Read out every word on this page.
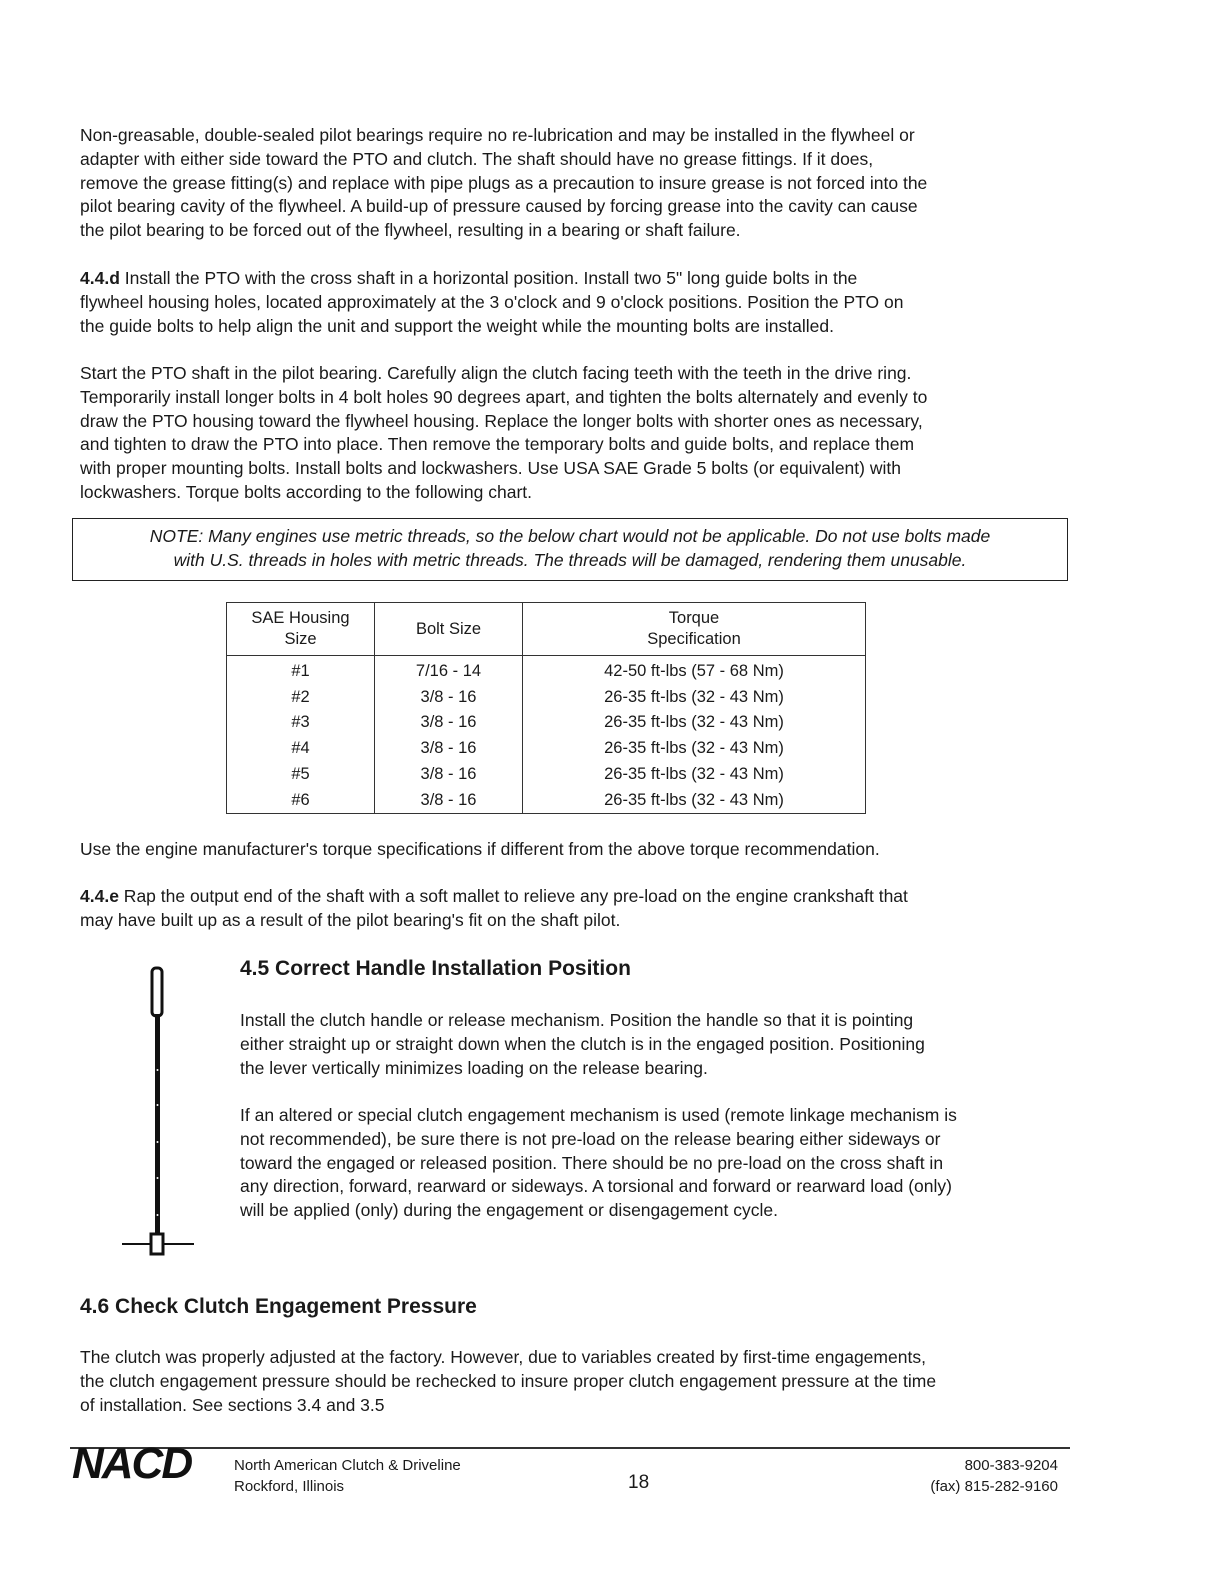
Non-greasable, double-sealed pilot bearings require no re-lubrication and may be installed in the flywheel or
adapter with either side toward the PTO and clutch. The shaft should have no grease fittings. If it does,
remove the grease fitting(s) and replace with pipe plugs as a precaution to insure grease is not forced into the
pilot bearing cavity of the flywheel. A build-up of pressure caused by forcing grease into the cavity can cause
the pilot bearing to be forced out of the flywheel, resulting in a bearing or shaft failure.
4.4.d Install the PTO with the cross shaft in a horizontal position. Install two 5" long guide bolts in the
flywheel housing holes, located approximately at the 3 o'clock and 9 o'clock positions. Position the PTO on
the guide bolts to help align the unit and support the weight while the mounting bolts are installed.
Start the PTO shaft in the pilot bearing. Carefully align the clutch facing teeth with the teeth in the drive ring.
Temporarily install longer bolts in 4 bolt holes 90 degrees apart, and tighten the bolts alternately and evenly to
draw the PTO housing toward the flywheel housing. Replace the longer bolts with shorter ones as necessary,
and tighten to draw the PTO into place. Then remove the temporary bolts and guide bolts, and replace them
with proper mounting bolts. Install bolts and lockwashers. Use USA SAE Grade 5 bolts (or equivalent) with
lockwashers. Torque bolts according to the following chart.
NOTE: Many engines use metric threads, so the below chart would not be applicable. Do not use bolts made
with U.S. threads in holes with metric threads. The threads will be damaged, rendering them unusable.
SAE Housing
Size	Bolt Size	Torque
Specification
#1	7/16 - 14	42-50 ft-lbs (57 - 68 Nm)
#2	3/8 - 16	26-35 ft-lbs (32 - 43 Nm)
#3	3/8 - 16	26-35 ft-lbs (32 - 43 Nm)
#4	3/8 - 16	26-35 ft-lbs (32 - 43 Nm)
#5	3/8 - 16	26-35 ft-lbs (32 - 43 Nm)
#6	3/8 - 16	26-35 ft-lbs (32 - 43 Nm)
Use the engine manufacturer's torque specifications if different from the above torque recommendation.
4.4.e Rap the output end of the shaft with a soft mallet to relieve any pre-load on the engine crankshaft that
may have built up as a result of the pilot bearing's fit on the shaft pilot.
4.5 Correct Handle Installation Position
Install the clutch handle or release mechanism. Position the handle so that it is pointing
either straight up or straight down when the clutch is in the engaged position. Positioning
the lever vertically minimizes loading on the release bearing.
If an altered or special clutch engagement mechanism is used (remote linkage mechanism is
not recommended), be sure there is not pre-load on the release bearing either sideways or
toward the engaged or released position. There should be no pre-load on the cross shaft in
any direction, forward, rearward or sideways. A torsional and forward or rearward load (only)
will be applied (only) during the engagement or disengagement cycle.
4.6 Check Clutch Engagement Pressure
The clutch was properly adjusted at the factory. However, due to variables created by first-time engagements,
the clutch engagement pressure should be rechecked to insure proper clutch engagement pressure at the time
of installation. See sections 3.4 and 3.5
NACD	North American Clutch & Driveline
Rockford, Illinois	18
800-383-9204
(fax) 815-282-9160
